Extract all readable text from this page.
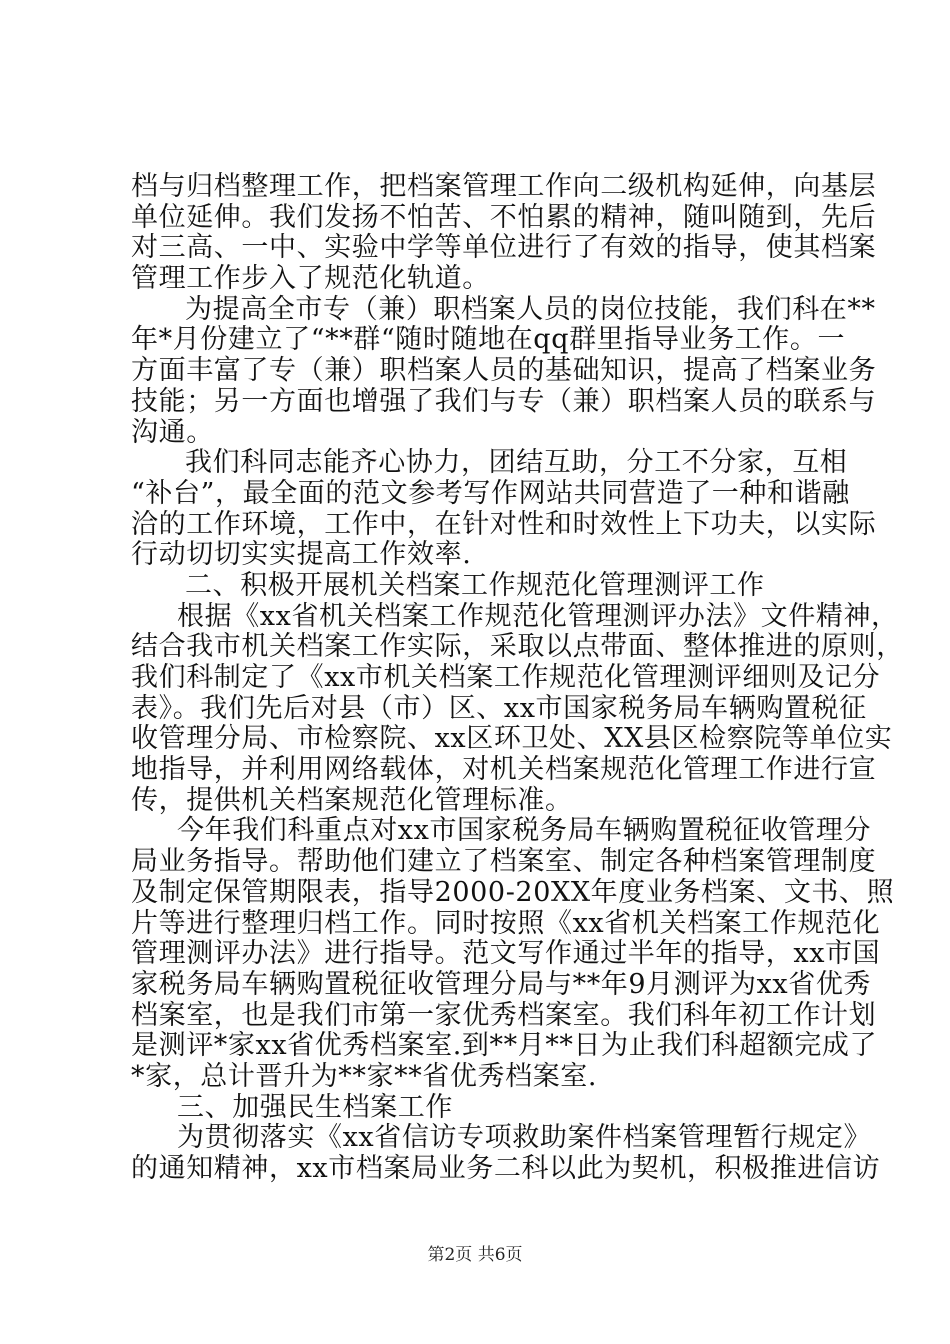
档与归档整理工作，把档案管理工作向二级机构延伸，向基层
单位延伸。我们发扬不怕苦、不怕累的精神，随叫随到，先后
对三高、一中、实验中学等单位进行了有效的指导，使其档案
管理工作步入了规范化轨道。
为提高全市专（兼）职档案人员的岗位技能，我们科在**
年*月份建立了“**群“随时随地在qq群里指导业务工作。一
方面丰富了专（兼）职档案人员的基础知识，提高了档案业务
技能；另一方面也增强了我们与专（兼）职档案人员的联系与
沟通。
我们科同志能齐心协力，团结互助，分工不分家，互相
“补台”，最全面的范文参考写作网站共同营造了一种和谐融
洽的工作环境，工作中，在针对性和时效性上下功夫，以实际
行动切切实实提高工作效率.
二、积极开展机关档案工作规范化管理测评工作
根据《xx省机关档案工作规范化管理测评办法》文件精神，
结合我市机关档案工作实际，采取以点带面、整体推进的原则，
我们科制定了《xx市机关档案工作规范化管理测评细则及记分
表》。我们先后对县（市）区、xx市国家税务局车辆购置税征
收管理分局、市检察院、xx区环卫处、XX县区检察院等单位实
地指导，并利用网络载体，对机关档案规范化管理工作进行宣
传，提供机关档案规范化管理标准。
今年我们科重点对xx市国家税务局车辆购置税征收管理分
局业务指导。帮助他们建立了档案室、制定各种档案管理制度
及制定保管期限表，指导2000-20XX年度业务档案、文书、照
片等进行整理归档工作。同时按照《xx省机关档案工作规范化
管理测评办法》进行指导。范文写作通过半年的指导，xx市国
家税务局车辆购置税征收管理分局与**年9月测评为xx省优秀
档案室，也是我们市第一家优秀档案室。我们科年初工作计划
是测评*家xx省优秀档案室.到**月**日为止我们科超额完成了
*家，总计晋升为**家**省优秀档案室.
三、加强民生档案工作
为贯彻落实《xx省信访专项救助案件档案管理暂行规定》
的通知精神，xx市档案局业务二科以此为契机，积极推进信访
第2页 共6页
